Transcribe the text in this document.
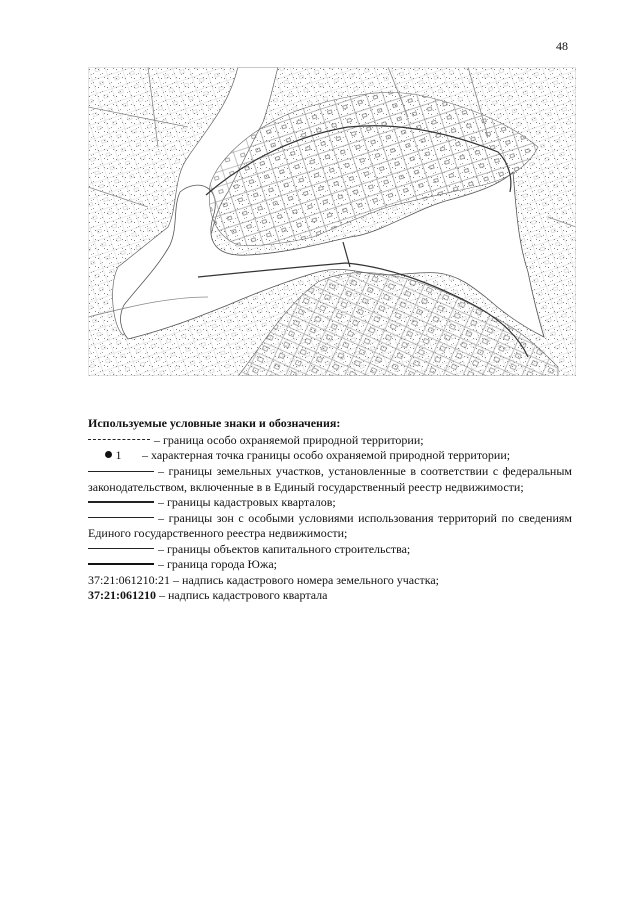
48
Используемые условные знаки и обозначения:
– граница особо охраняемой природной территории;
1 – характерная точка границы особо охраняемой природной территории;
– границы земельных участков, установленные в соответствии с федеральным законодательством, включенные в в Единый государственный реестр недвижимости;
– границы кадастровых кварталов;
– границы зон с особыми условиями использования территорий по сведениям Единого государственного реестра недвижимости;
– границы объектов капитального строительства;
– граница города Южа;
37:21:061210:21 – надпись кадастрового номера земельного участка;
37:21:061210 – надпись кадастрового квартала
